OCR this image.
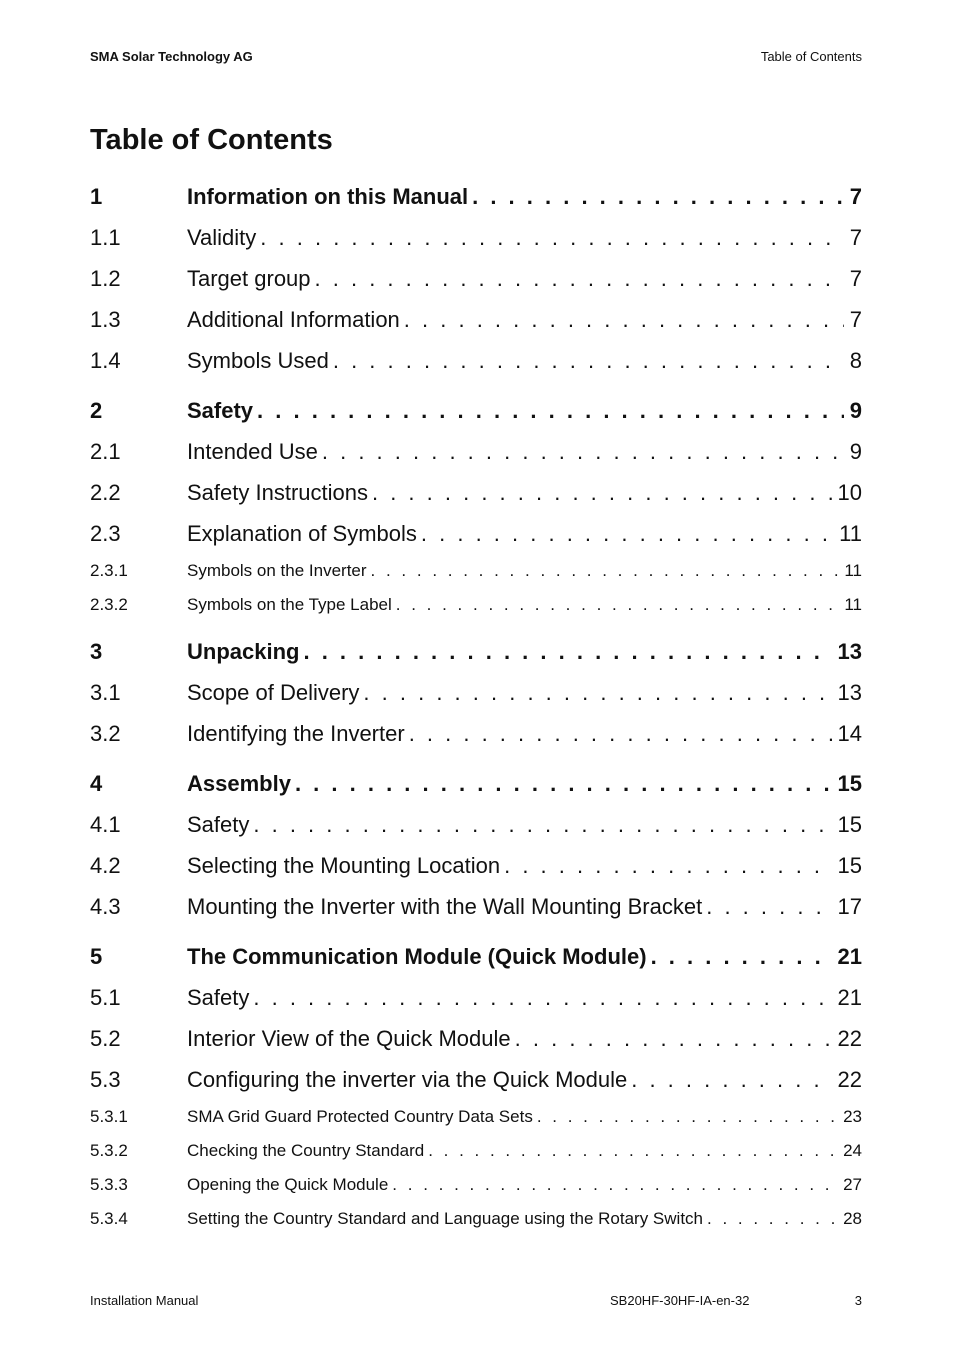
SMA Solar Technology AG	Table of Contents
Table of Contents
1	Information on this Manual . . .	7
1.1	Validity . . .	7
1.2	Target group . . .	7
1.3	Additional Information . . .	7
1.4	Symbols Used . . .	8
2	Safety . . .	9
2.1	Intended Use . . .	9
2.2	Safety Instructions . . .	10
2.3	Explanation of Symbols . . .	11
2.3.1	Symbols on the Inverter . . .	11
2.3.2	Symbols on the Type Label . . .	11
3	Unpacking . . .	13
3.1	Scope of Delivery . . .	13
3.2	Identifying the Inverter . . .	14
4	Assembly . . .	15
4.1	Safety . . .	15
4.2	Selecting the Mounting Location . . .	15
4.3	Mounting the Inverter with the Wall Mounting Bracket . . .	17
5	The Communication Module (Quick Module) . . .	21
5.1	Safety . . .	21
5.2	Interior View of the Quick Module . . .	22
5.3	Configuring the inverter via the Quick Module . . .	22
5.3.1	SMA Grid Guard Protected Country Data Sets . . .	23
5.3.2	Checking the Country Standard . . .	24
5.3.3	Opening the Quick Module . . .	27
5.3.4	Setting the Country Standard and Language using the Rotary Switch . . .	28
Installation Manual	SB20HF-30HF-IA-en-32	3
